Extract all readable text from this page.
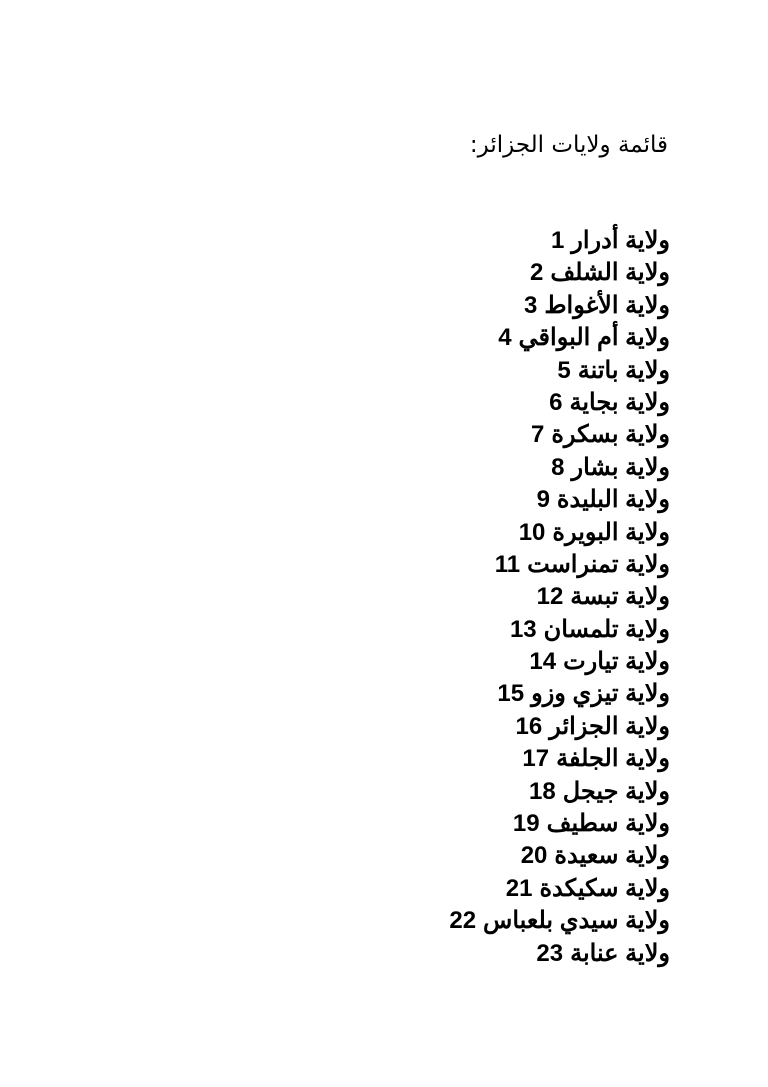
قائمة ولايات الجزائر:
ولاية أدرار1
ولاية الشلف2
ولاية الأغواط3
ولاية أم البواقي4
ولاية باتنة5
ولاية بجاية6
ولاية بسكرة7
ولاية بشار8
ولاية البليدة9
ولاية البويرة10
ولاية تمنراست11
ولاية تبسة12
ولاية تلمسان13
ولاية تيارت14
ولاية تيزي وزو15
ولاية الجزائر16
ولاية الجلفة17
ولاية جيجل18
ولاية سطيف19
ولاية سعيدة20
ولاية سكيكدة21
ولاية سيدي بلعباس22
ولاية عنابة23
